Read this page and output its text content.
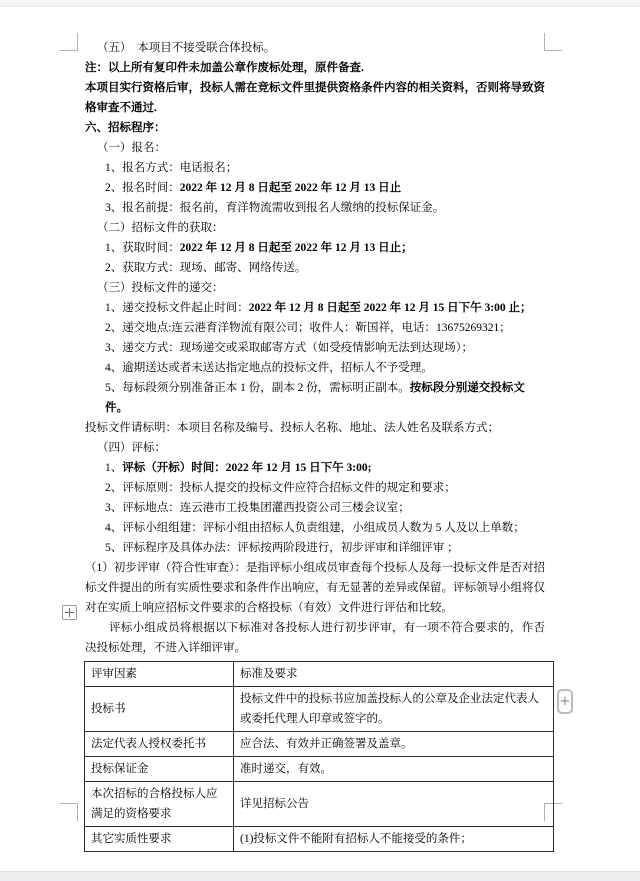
（五）　本项目不接受联合体投标。

注：以上所有复印件未加盖公章作废标处理，原件备查.

本项目实行资格后审，投标人需在竞标文件里提供资格条件内容的相关资料，否则将导致资格审查不通过.

六、招标程序：

（一）报名：

1、报名方式：电话报名；

2、报名时间：2022 年 12 月 8 日起至 2022 年 12 月 13 日止

3、报名前提：报名前，育洋物流需收到报名人缴纳的投标保证金。

（二）招标文件的获取：

1、获取时间：2022 年 12 月 8 日起至 2022 年 12 月 13 日止；

2、获取方式：现场、邮寄、网络传送。

（三）投标文件的递交：

1、递交投标文件起止时间：2022 年 12 月 8 日起至 2022 年 12 月 15 日下午 3:00 止；

2、递交地点:连云港育洋物流有限公司；收件人：靳国祥，电话：13675269321；

3、递交方式：现场递交或采取邮寄方式（如受疫情影响无法到达现场）；

4、逾期送达或者未送达指定地点的投标文件，招标人不予受理。

5、每标段须分别准备正本 1 份，副本 2 份，需标明正副本。按标段分别递交投标文件。

投标文件请标明：本项目名称及编号、投标人名称、地址、法人姓名及联系方式；

（四）评标：

1、评标（开标）时间：2022 年 12 月 15 日下午 3:00;

2、评标原则：投标人提交的投标文件应符合招标文件的规定和要求；

3、评标地点：连云港市工投集团灌西投资公司三楼会议室；

4、评标小组组建：评标小组由招标人负责组建，小组成员人数为 5 人及以上单数；

5、评标程序及具体办法：评标按两阶段进行，初步评审和详细评审 ；

（1）初步评审（符合性审查）：是指评标小组成员审查每个投标人及每一投标文件是否对招标文件提出的所有实质性要求和条件作出响应，有无显著的差异或保留。评标领导小组将仅对在实质上响应招标文件要求的合格投标（有效）文件进行评估和比较。

评标小组成员将根据以下标准对各投标人进行初步评审，有一项不符合要求的，作否决投标处理，不进入详细评审。

评审因素	标准及要求
投标书	投标文件中的投标书应加盖投标人的公章及企业法定代表人或委托代理人印章或签字的。
法定代表人授权委托书	应合法、有效并正确签署及盖章。
投标保证金	准时递交，有效。
本次招标的合格投标人应满足的资格要求	详见招标公告
其它实质性要求	(1)投标文件不能附有招标人不能接受的条件；
+
